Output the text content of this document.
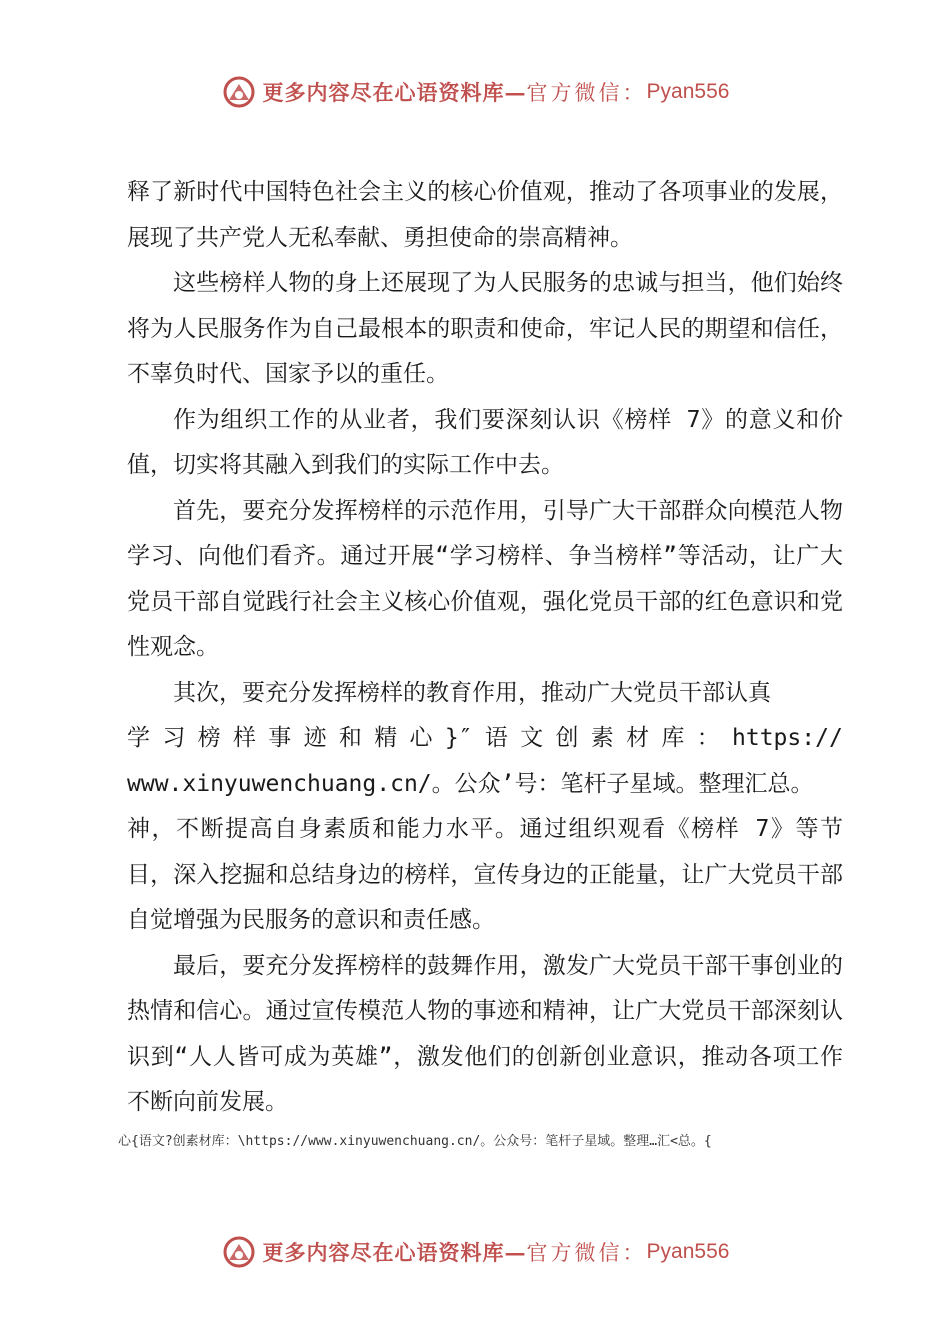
更多内容尽在心语资料库— 官方微信： Pyan556

释了新时代中国特色社会主义的核心价值观，推动了各项事业的发展，展现了共产党人无私奉献、勇担使命的崇高精神。

这些榜样人物的身上还展现了为人民服务的忠诚与担当，他们始终将为人民服务作为自己最根本的职责和使命，牢记人民的期望和信任，不辜负时代、国家予以的重任。

作为组织工作的从业者，我们要深刻认识《榜样 7》的意义和价值，切实将其融入到我们的实际工作中去。

首先，要充分发挥榜样的示范作用，引导广大干部群众向模范人物学习、向他们看齐。通过开展“学习榜样、争当榜样”等活动，让广大党员干部自觉践行社会主义核心价值观，强化党员干部的红色意识和党性观念。

其次，要充分发挥榜样的教育作用，推动广大党员干部认真

学 习 榜 样 事 迹 和 精 心 }″ 语 文 创 素 材 库 ： https://

www.xinyuwenchuang.cn/。公众’号：笔杆子星域。整理汇总。

神，不断提高自身素质和能力水平。通过组织观看《榜样 7》等节目，深入挖掘和总结身边的榜样，宣传身边的正能量，让广大党员干部自觉增强为民服务的意识和责任感。

最后，要充分发挥榜样的鼓舞作用，激发广大党员干部干事创业的热情和信心。通过宣传模范人物的事迹和精神，让广大党员干部深刻认识到“人人皆可成为英雄”，激发他们的创新创业意识，推动各项工作不断向前发展。

心{语文?创素材库：\https://www.xinyuwenchuang.cn/。公众号：笔杆子星域。整理…汇<总。{
更多内容尽在心语资料库— 官方微信： Pyan556
